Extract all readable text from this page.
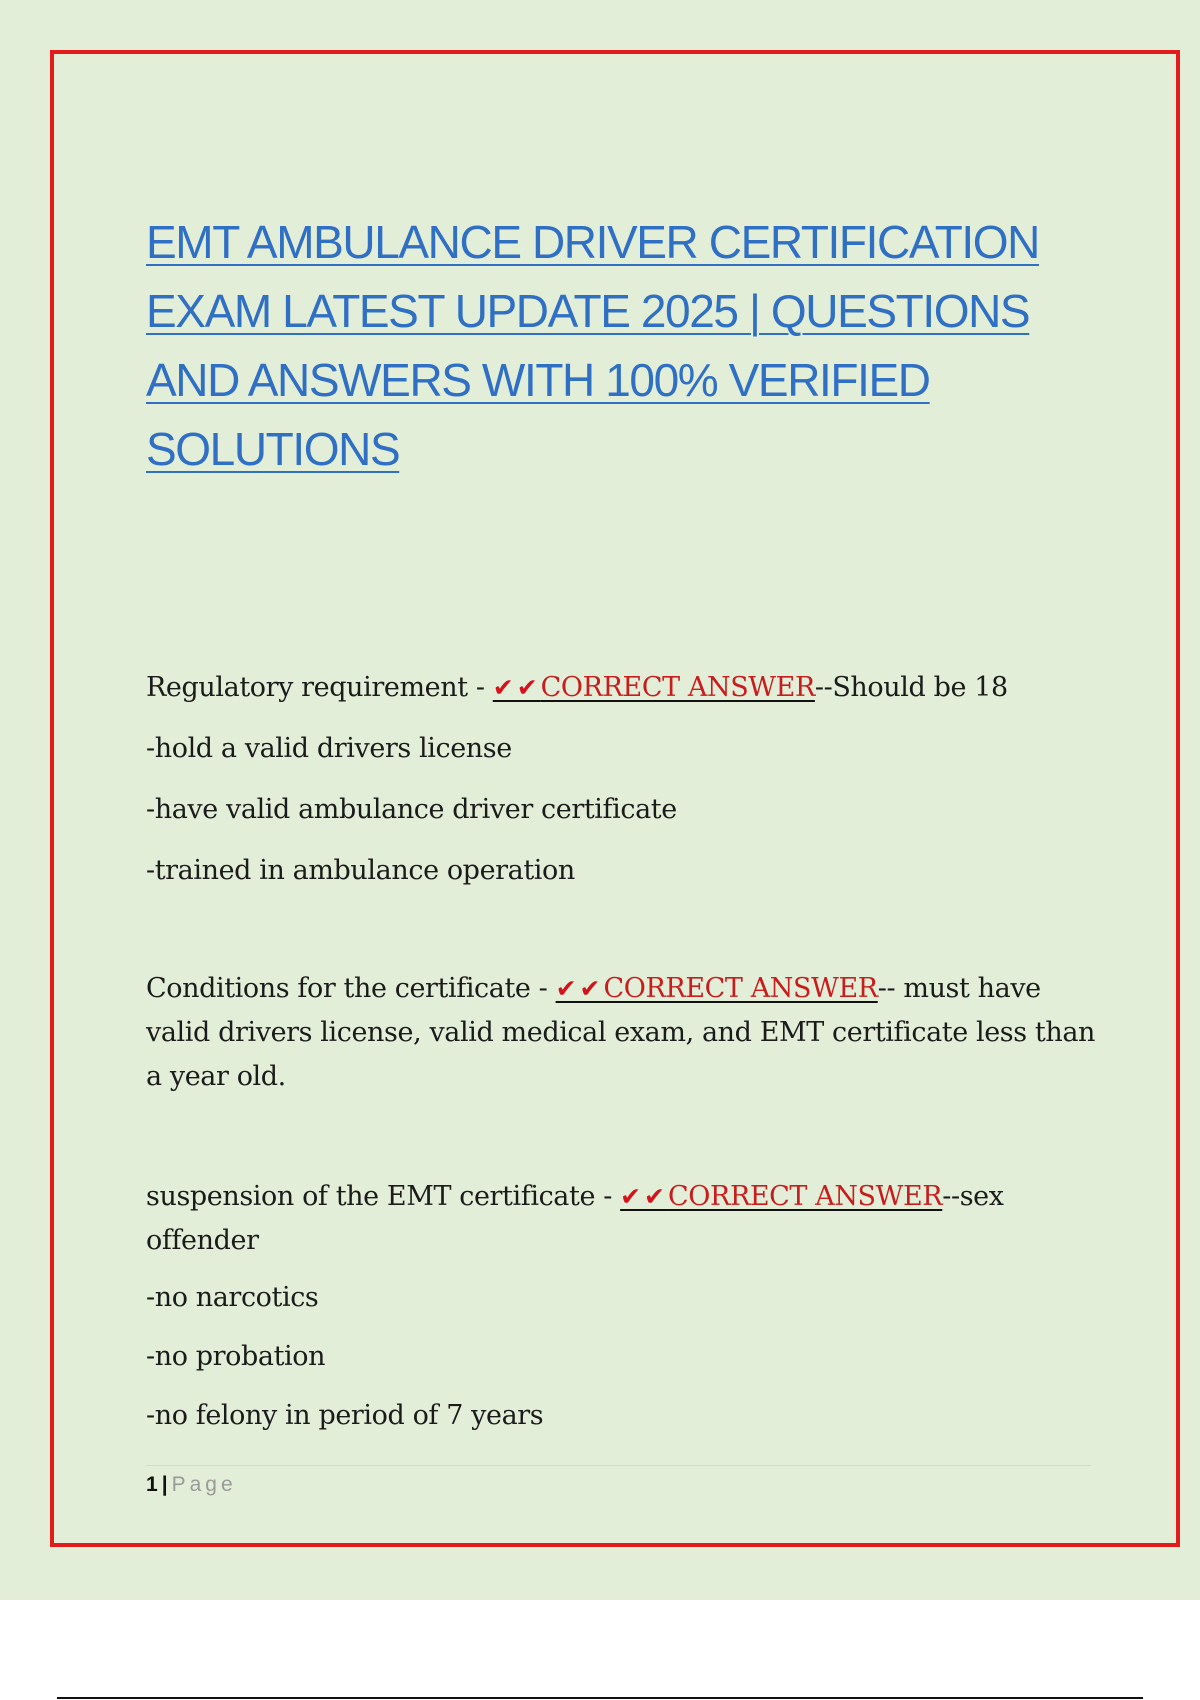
EMT AMBULANCE DRIVER CERTIFICATION EXAM LATEST UPDATE 2025 | QUESTIONS AND ANSWERS WITH 100% VERIFIED SOLUTIONS

Regulatory requirement - ✔✔CORRECT ANSWER--Should be 18

-hold a valid drivers license

-have valid ambulance driver certificate

-trained in ambulance operation

Conditions for the certificate - ✔✔CORRECT ANSWER-- must have valid drivers license, valid medical exam, and EMT certificate less than a year old.

suspension of the EMT certificate - ✔✔CORRECT ANSWER--sex offender

-no narcotics

-no probation

-no felony in period of 7 years

1 | Page
